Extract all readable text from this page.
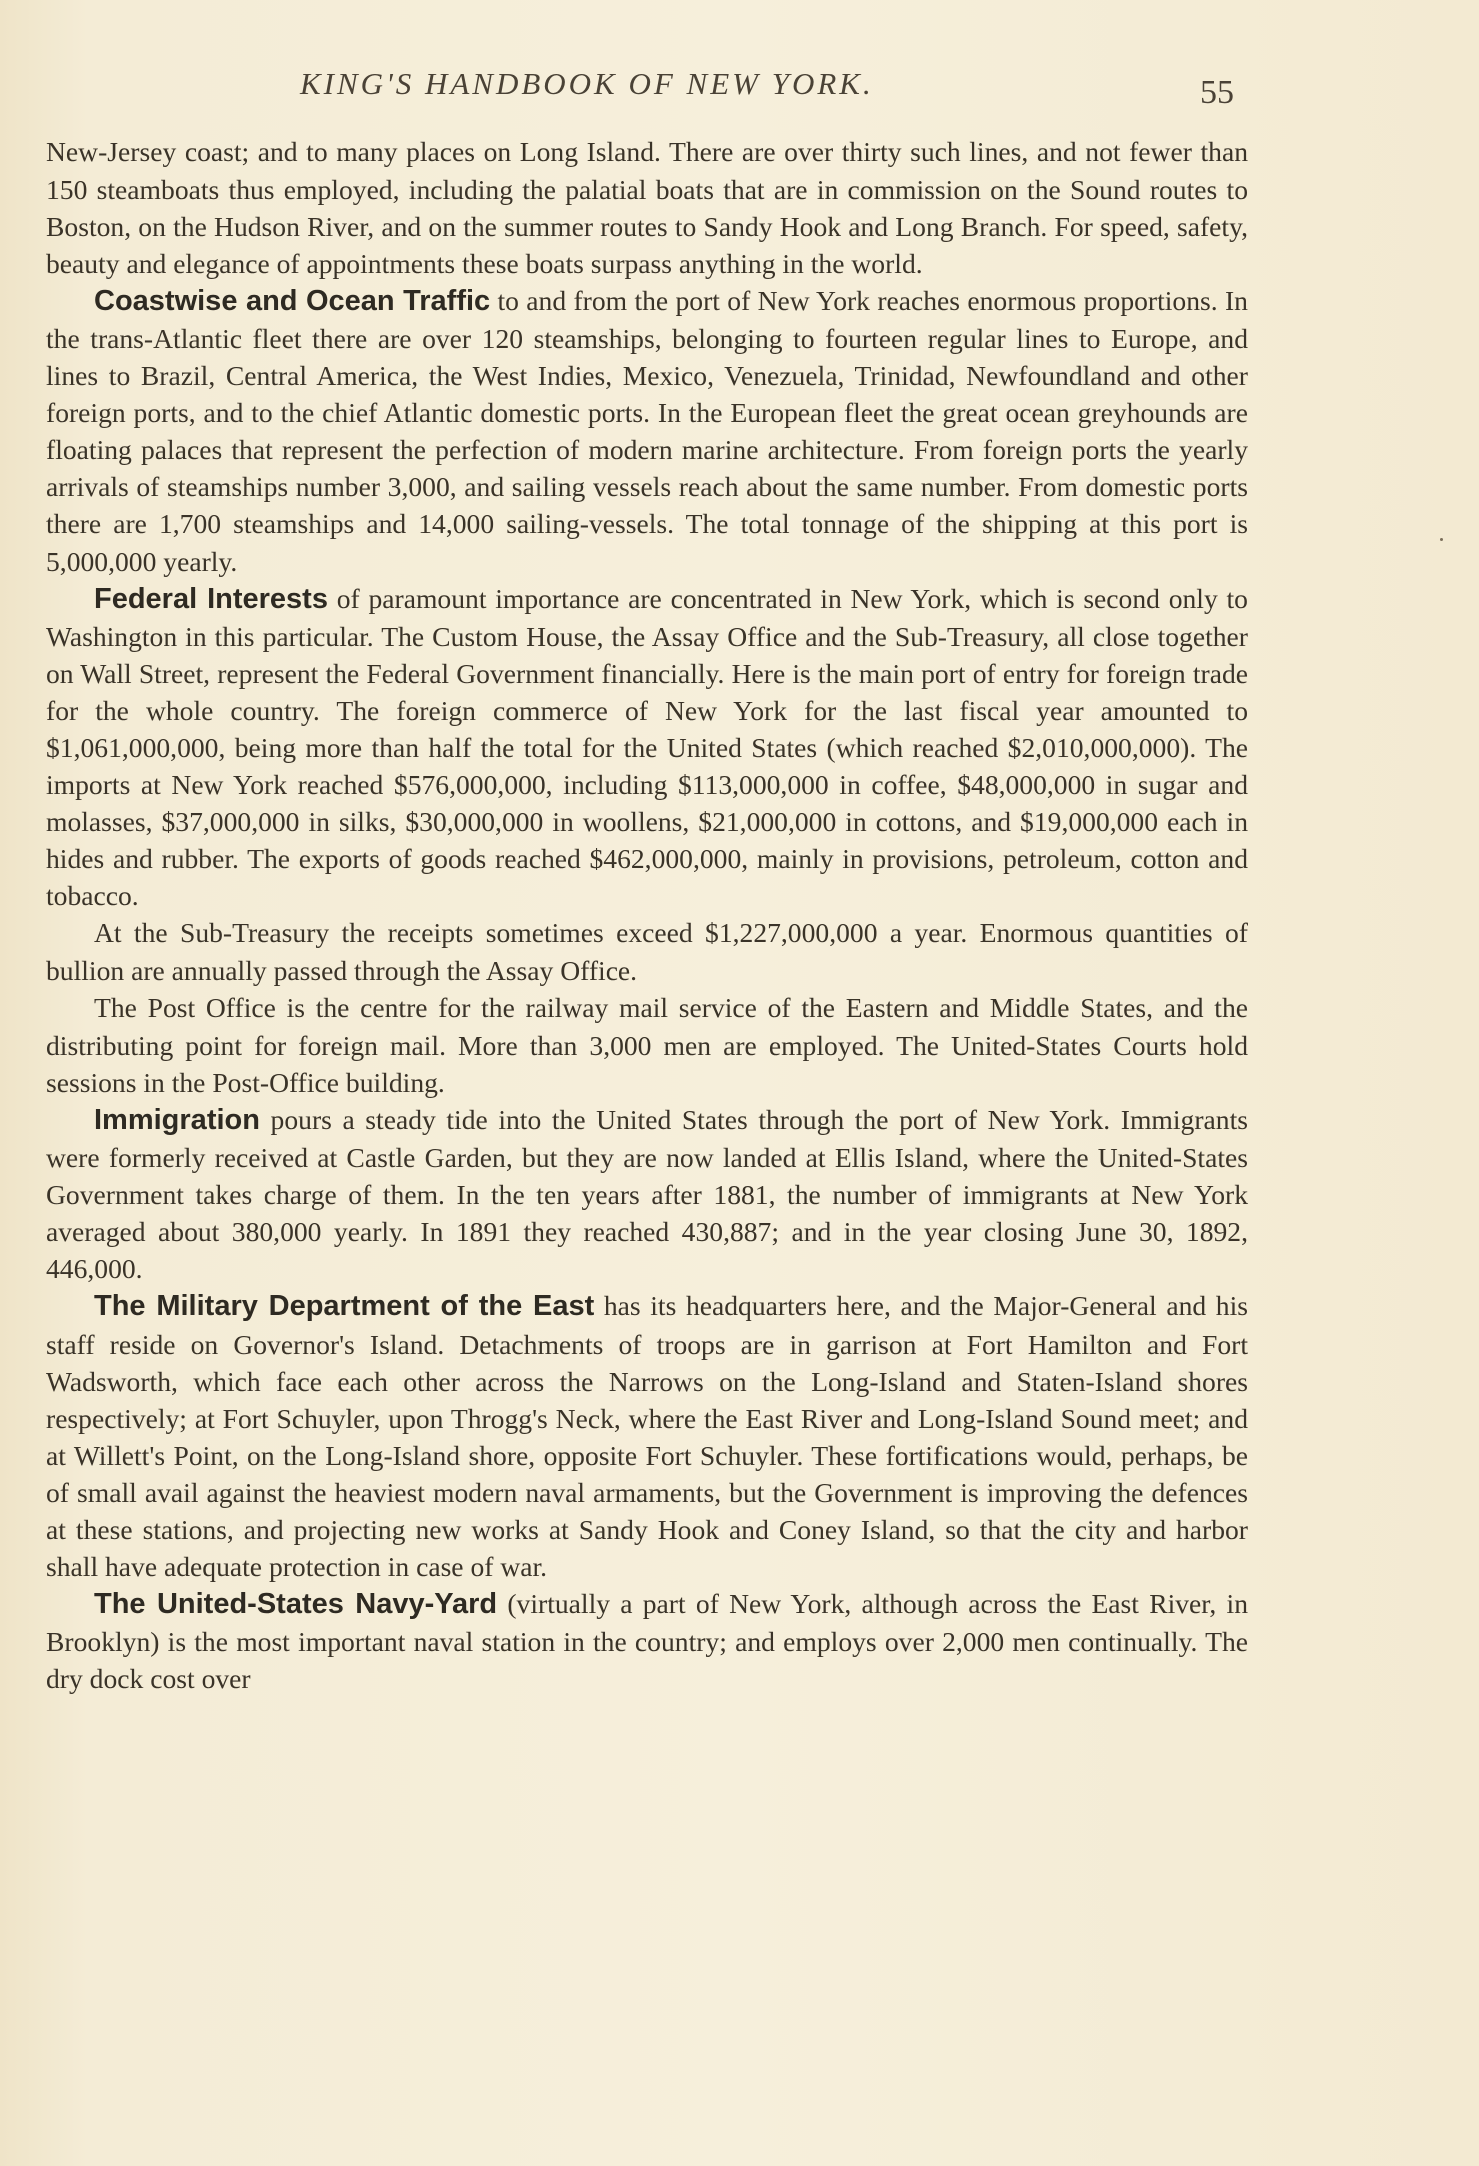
KING'S HANDBOOK OF NEW YORK.	55

New-Jersey coast; and to many places on Long Island. There are over thirty such lines, and not fewer than 150 steamboats thus employed, including the palatial boats that are in commission on the Sound routes to Boston, on the Hudson River, and on the summer routes to Sandy Hook and Long Branch. For speed, safety, beauty and elegance of appointments these boats surpass anything in the world.

Coastwise and Ocean Traffic to and from the port of New York reaches enormous proportions. In the trans-Atlantic fleet there are over 120 steamships, belonging to fourteen regular lines to Europe, and lines to Brazil, Central America, the West Indies, Mexico, Venezuela, Trinidad, Newfoundland and other foreign ports, and to the chief Atlantic domestic ports. In the European fleet the great ocean greyhounds are floating palaces that represent the perfection of modern marine architecture. From foreign ports the yearly arrivals of steamships number 3,000, and sailing vessels reach about the same number. From domestic ports there are 1,700 steamships and 14,000 sailing-vessels. The total tonnage of the shipping at this port is 5,000,000 yearly.

Federal Interests of paramount importance are concentrated in New York, which is second only to Washington in this particular. The Custom House, the Assay Office and the Sub-Treasury, all close together on Wall Street, represent the Federal Government financially. Here is the main port of entry for foreign trade for the whole country. The foreign commerce of New York for the last fiscal year amounted to $1,061,000,000, being more than half the total for the United States (which reached $2,010,000,000). The imports at New York reached $576,000,000, including $113,000,000 in coffee, $48,000,000 in sugar and molasses, $37,000,000 in silks, $30,000,000 in woollens, $21,000,000 in cottons, and $19,000,000 each in hides and rubber. The exports of goods reached $462,000,000, mainly in provisions, petroleum, cotton and tobacco.

At the Sub-Treasury the receipts sometimes exceed $1,227,000,000 a year. Enormous quantities of bullion are annually passed through the Assay Office.

The Post Office is the centre for the railway mail service of the Eastern and Middle States, and the distributing point for foreign mail. More than 3,000 men are employed. The United-States Courts hold sessions in the Post-Office building.

Immigration pours a steady tide into the United States through the port of New York. Immigrants were formerly received at Castle Garden, but they are now landed at Ellis Island, where the United-States Government takes charge of them. In the ten years after 1881, the number of immigrants at New York averaged about 380,000 yearly. In 1891 they reached 430,887; and in the year closing June 30, 1892, 446,000.

The Military Department of the East has its headquarters here, and the Major-General and his staff reside on Governor's Island. Detachments of troops are in garrison at Fort Hamilton and Fort Wadsworth, which face each other across the Narrows on the Long-Island and Staten-Island shores respectively; at Fort Schuyler, upon Throgg's Neck, where the East River and Long-Island Sound meet; and at Willett's Point, on the Long-Island shore, opposite Fort Schuyler. These fortifications would, perhaps, be of small avail against the heaviest modern naval armaments, but the Government is improving the defences at these stations, and projecting new works at Sandy Hook and Coney Island, so that the city and harbor shall have adequate protection in case of war.

The United-States Navy-Yard (virtually a part of New York, although across the East River, in Brooklyn) is the most important naval station in the country; and employs over 2,000 men continually. The dry dock cost over
